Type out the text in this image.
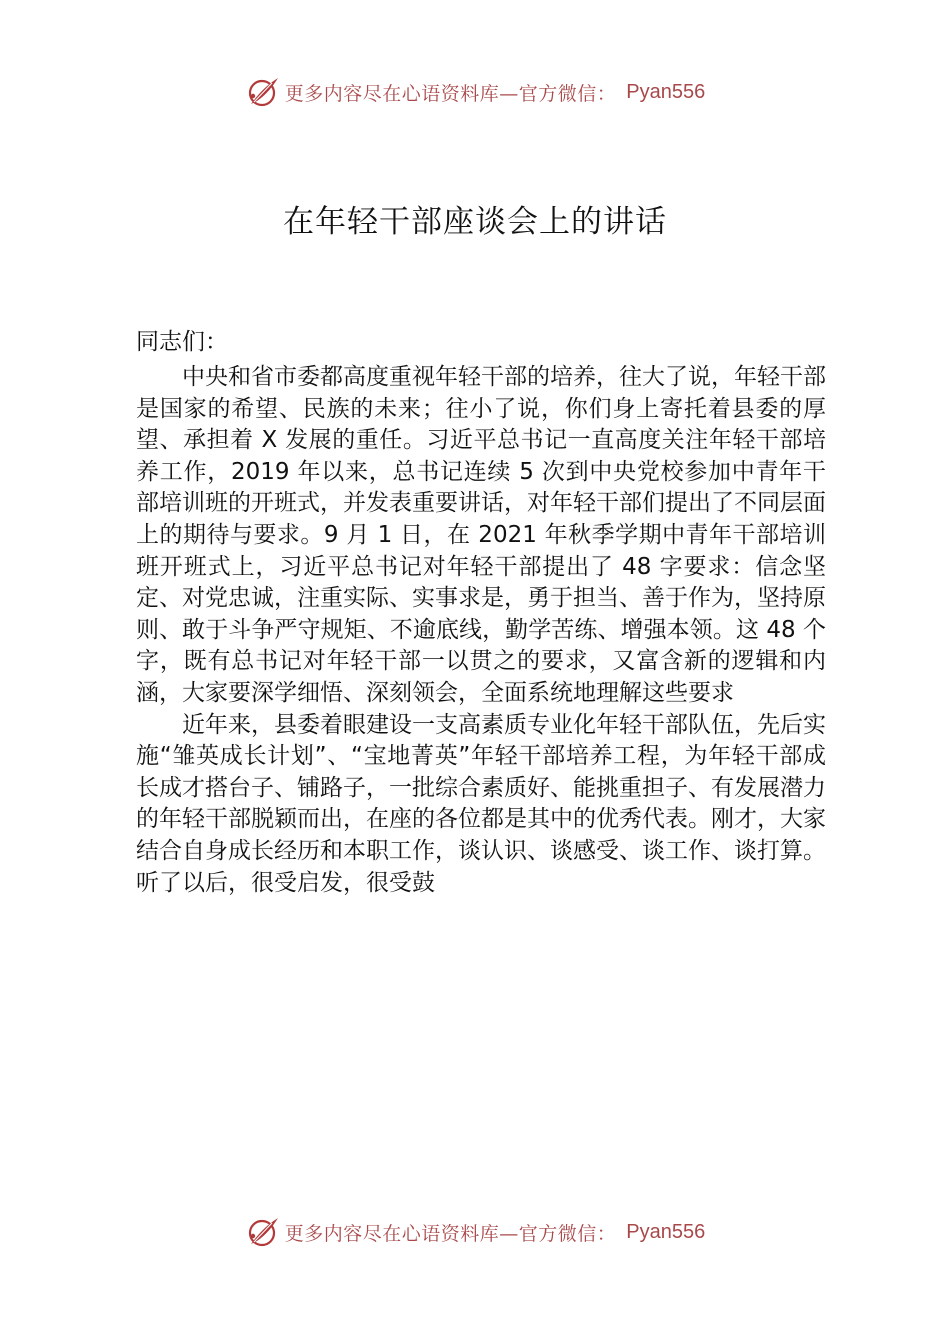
更多内容尽在心语资料库—官方微信： Pyan556
在年轻干部座谈会上的讲话
同志们：

　　中央和省市委都高度重视年轻干部的培养，往大了说，年轻干部是国家的希望、民族的未来；往小了说，你们身上寄托着县委的厚望、承担着 X 发展的重任。习近平总书记一直高度关注年轻干部培养工作，2019 年以来，总书记连续 5 次到中央党校参加中青年干部培训班的开班式，并发表重要讲话，对年轻干部们提出了不同层面上的期待与要求。9 月 1 日，在 2021 年秋季学期中青年干部培训班开班式上，习近平总书记对年轻干部提出了 48 字要求：信念坚定、对党忠诚，注重实际、实事求是，勇于担当、善于作为，坚持原则、敢于斗争严守规矩、不逾底线，勤学苦练、增强本领。这 48 个字，既有总书记对年轻干部一以贯之的要求，又富含新的逻辑和内涵，大家要深学细悟、深刻领会，全面系统地理解这些要求

　　近年来，县委着眼建设一支高素质专业化年轻干部队伍，先后实施“雏英成长计划”、“宝地菁英”年轻干部培养工程，为年轻干部成长成才搭台子、铺路子，一批综合素质好、能挑重担子、有发展潜力的年轻干部脱颖而出，在座的各位都是其中的优秀代表。刚才，大家结合自身成长经历和本职工作，谈认识、谈感受、谈工作、谈打算。听了以后，很受启发，很受鼓

更多内容尽在心语资料库—官方微信： Pyan556
